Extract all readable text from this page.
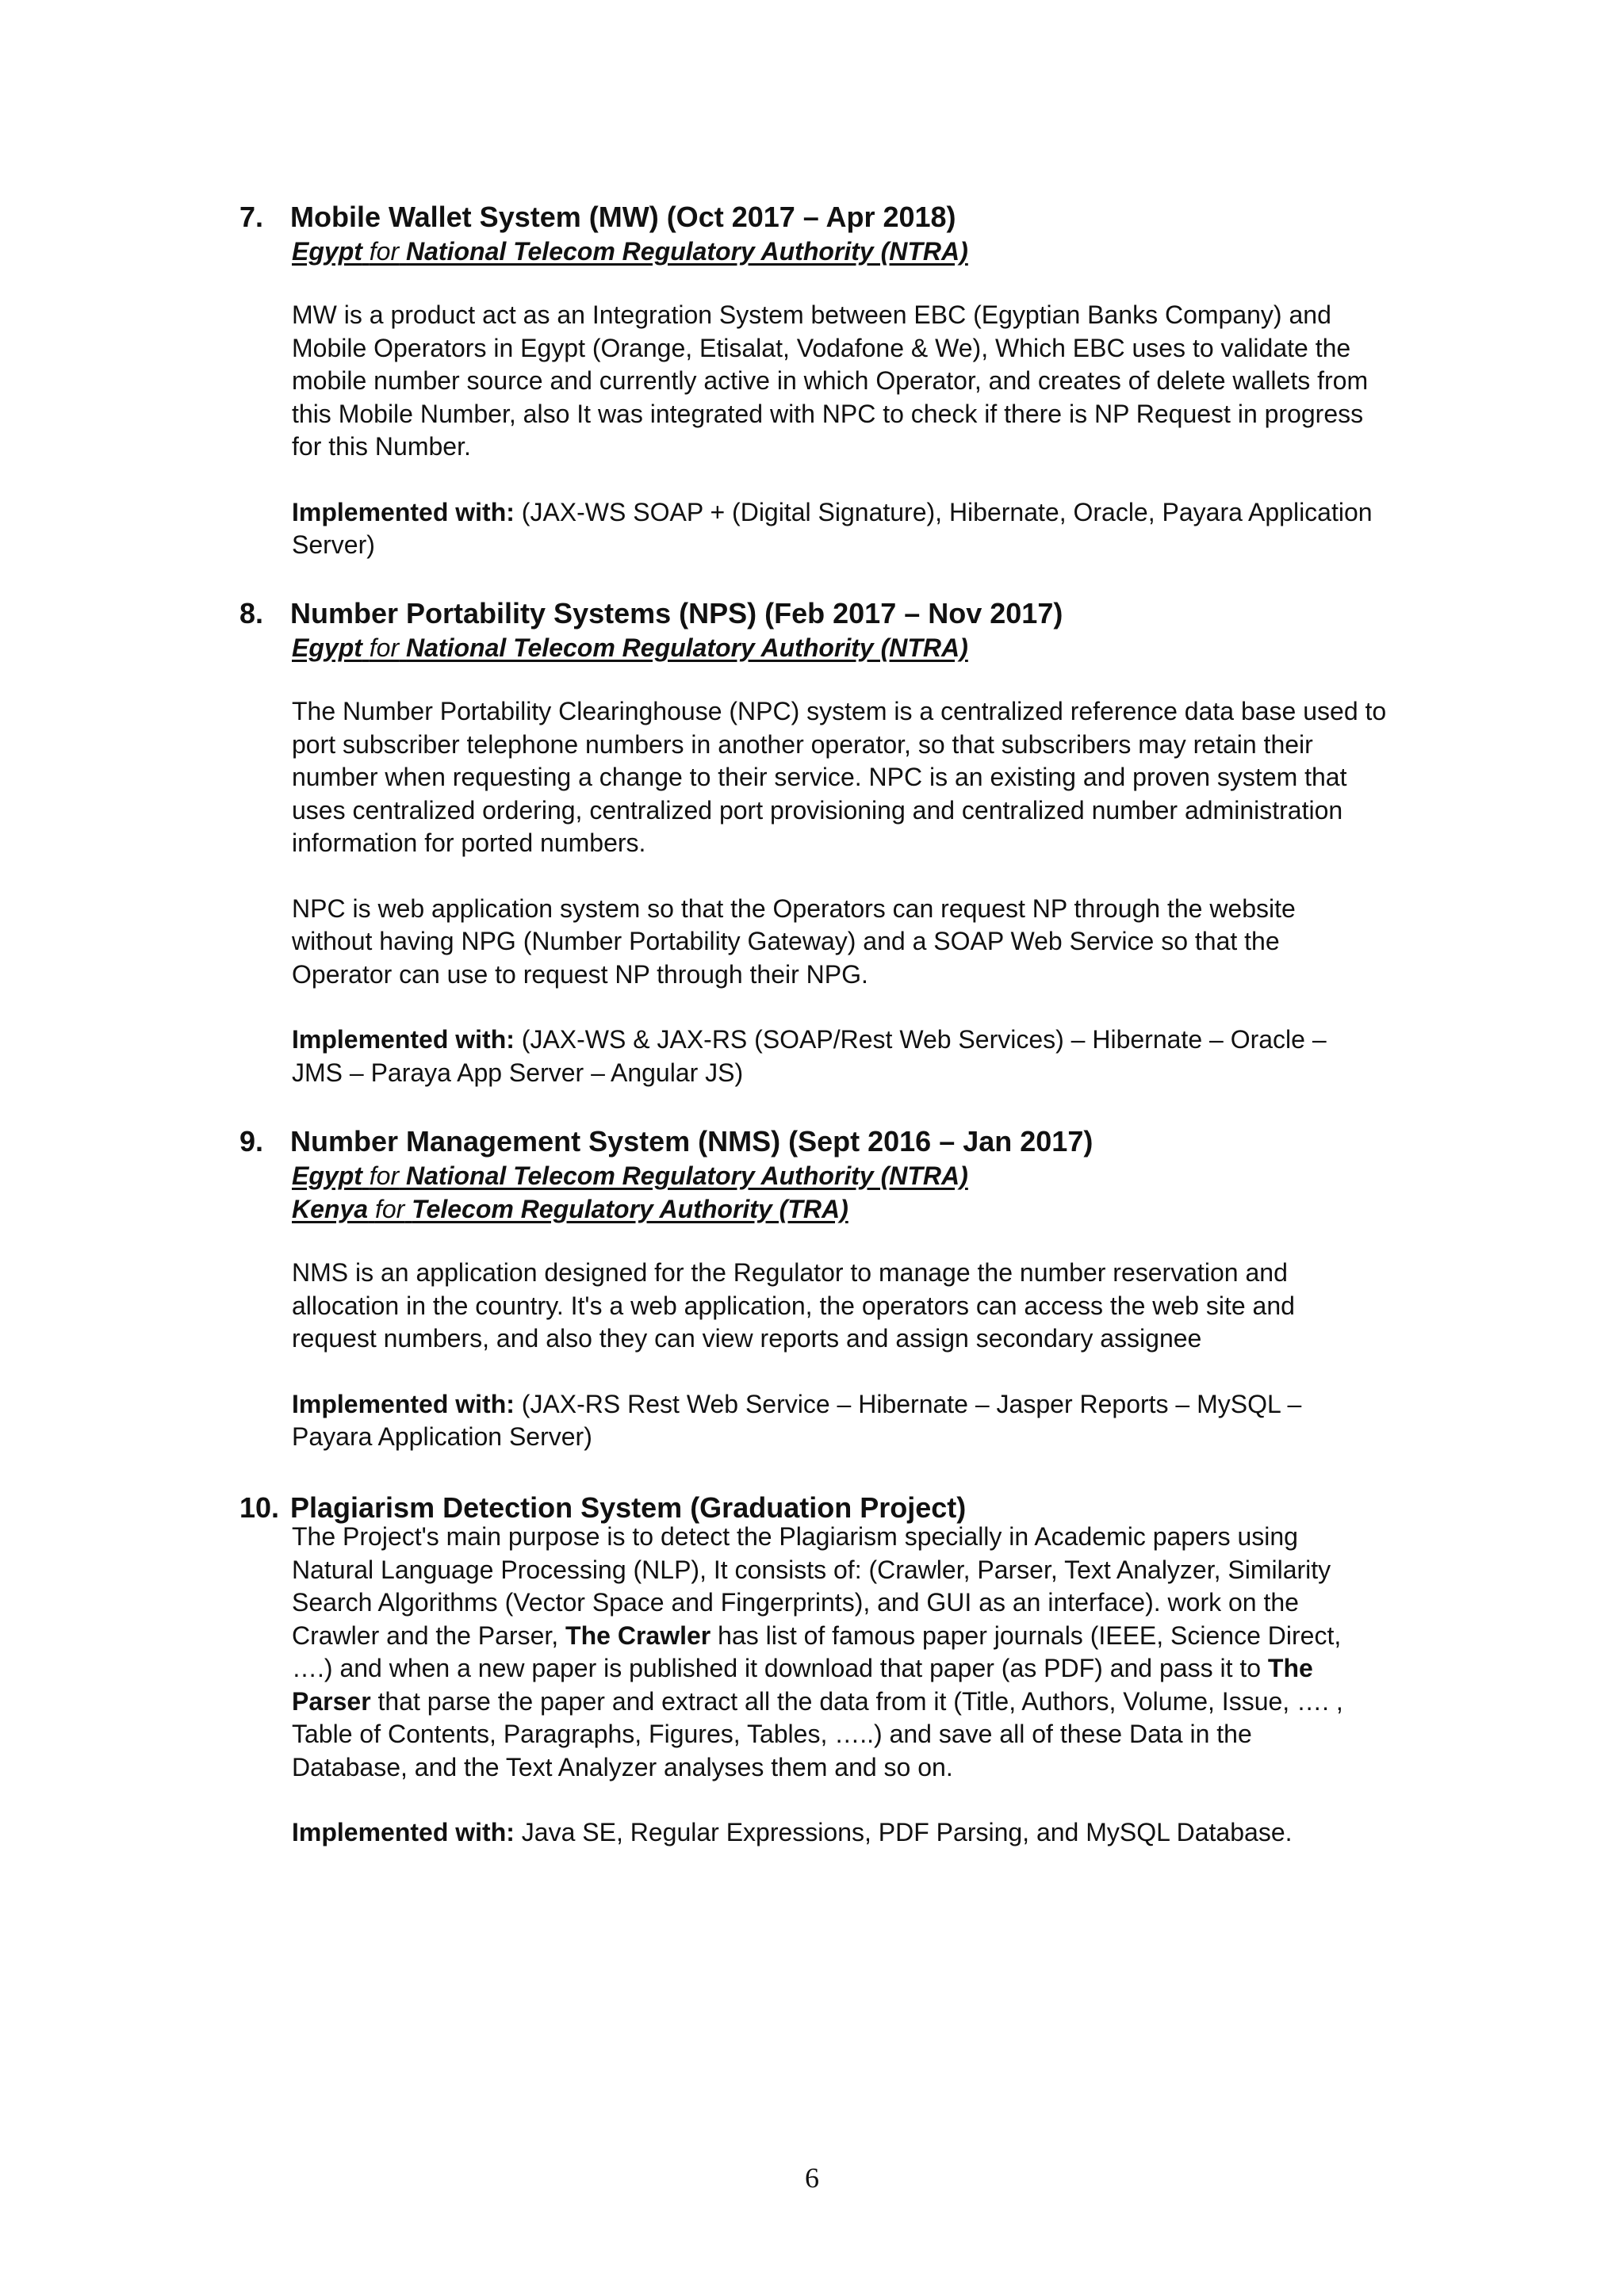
7. Mobile Wallet System (MW) (Oct 2017 – Apr 2018)
Egypt for National Telecom Regulatory Authority (NTRA)

MW is a product act as an Integration System between EBC (Egyptian Banks Company) and
Mobile Operators in Egypt (Orange, Etisalat, Vodafone & We), Which EBC uses to validate the
mobile number source and currently active in which Operator, and creates of delete wallets from
this Mobile Number, also It was integrated with NPC to check if there is NP Request in progress
for this Number.

Implemented with: (JAX-WS SOAP + (Digital Signature), Hibernate, Oracle, Payara Application
Server)

8. Number Portability Systems (NPS) (Feb 2017 – Nov 2017)
Egypt for National Telecom Regulatory Authority (NTRA)

The Number Portability Clearinghouse (NPC) system is a centralized reference data base used to
port subscriber telephone numbers in another operator, so that subscribers may retain their
number when requesting a change to their service. NPC is an existing and proven system that
uses centralized ordering, centralized port provisioning and centralized number administration
information for ported numbers.

NPC is web application system so that the Operators can request NP through the website
without having NPG (Number Portability Gateway) and a SOAP Web Service so that the
Operator can use to request NP through their NPG.

Implemented with: (JAX-WS & JAX-RS (SOAP/Rest Web Services) – Hibernate – Oracle –
JMS – Paraya App Server – Angular JS)

9. Number Management System (NMS) (Sept 2016 – Jan 2017)
Egypt for National Telecom Regulatory Authority (NTRA)
Kenya for Telecom Regulatory Authority (TRA)

NMS is an application designed for the Regulator to manage the number reservation and
allocation in the country. It's a web application, the operators can access the web site and
request numbers, and also they can view reports and assign secondary assignee

Implemented with: (JAX-RS Rest Web Service – Hibernate – Jasper Reports – MySQL –
Payara Application Server)

10. Plagiarism Detection System (Graduation Project)

The Project's main purpose is to detect the Plagiarism specially in Academic papers using
Natural Language Processing (NLP), It consists of: (Crawler, Parser, Text Analyzer, Similarity
Search Algorithms (Vector Space and Fingerprints), and GUI as an interface). work on the
Crawler and the Parser, The Crawler has list of famous paper journals (IEEE, Science Direct,
….) and when a new paper is published it download that paper (as PDF) and pass it to The
Parser that parse the paper and extract all the data from it (Title, Authors, Volume, Issue, …. ,
Table of Contents, Paragraphs, Figures, Tables, …..) and save all of these Data in the
Database, and the Text Analyzer analyses them and so on.

Implemented with: Java SE, Regular Expressions, PDF Parsing, and MySQL Database.

6
